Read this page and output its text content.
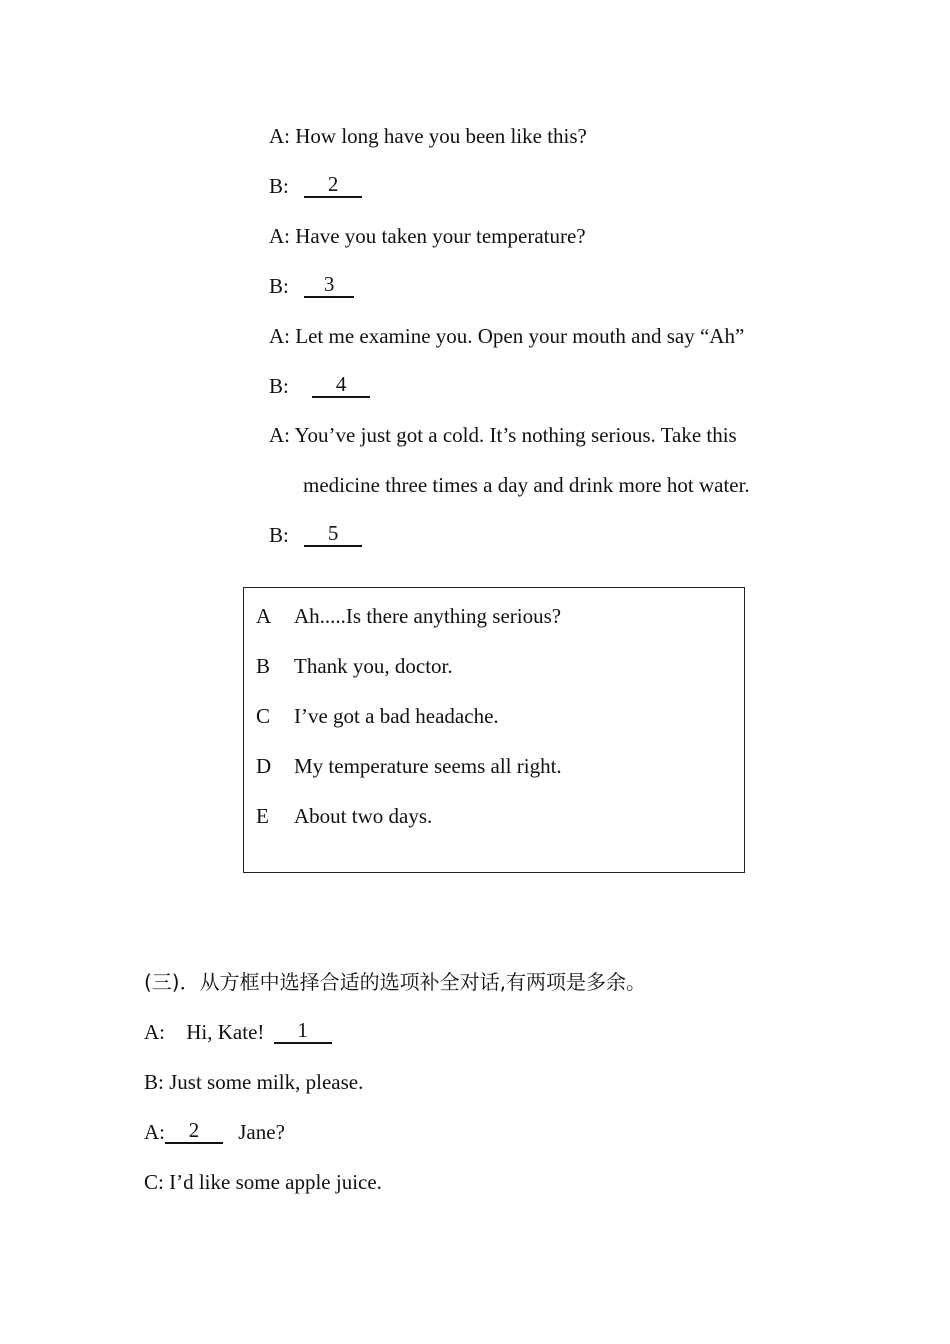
A: How long have you been like this?
B: 2
A: Have you taken your temperature?
B: 3
A: Let me examine you. Open your mouth and say “Ah”
B: 4
A: You’ve just got a cold. It’s nothing serious. Take this
medicine three times a day and drink more hot water.
B: 5
A Ah.....Is there anything serious?
B Thank you, doctor.
C I’ve got a bad headache.
D My temperature seems all right.
E About two days.
(三)．从方框中选择合适的选项补全对话,有两项是多余。
A: Hi, Kate! 1
B: Just some milk, please.
A: 2 Jane?
C: I’d like some apple juice.
